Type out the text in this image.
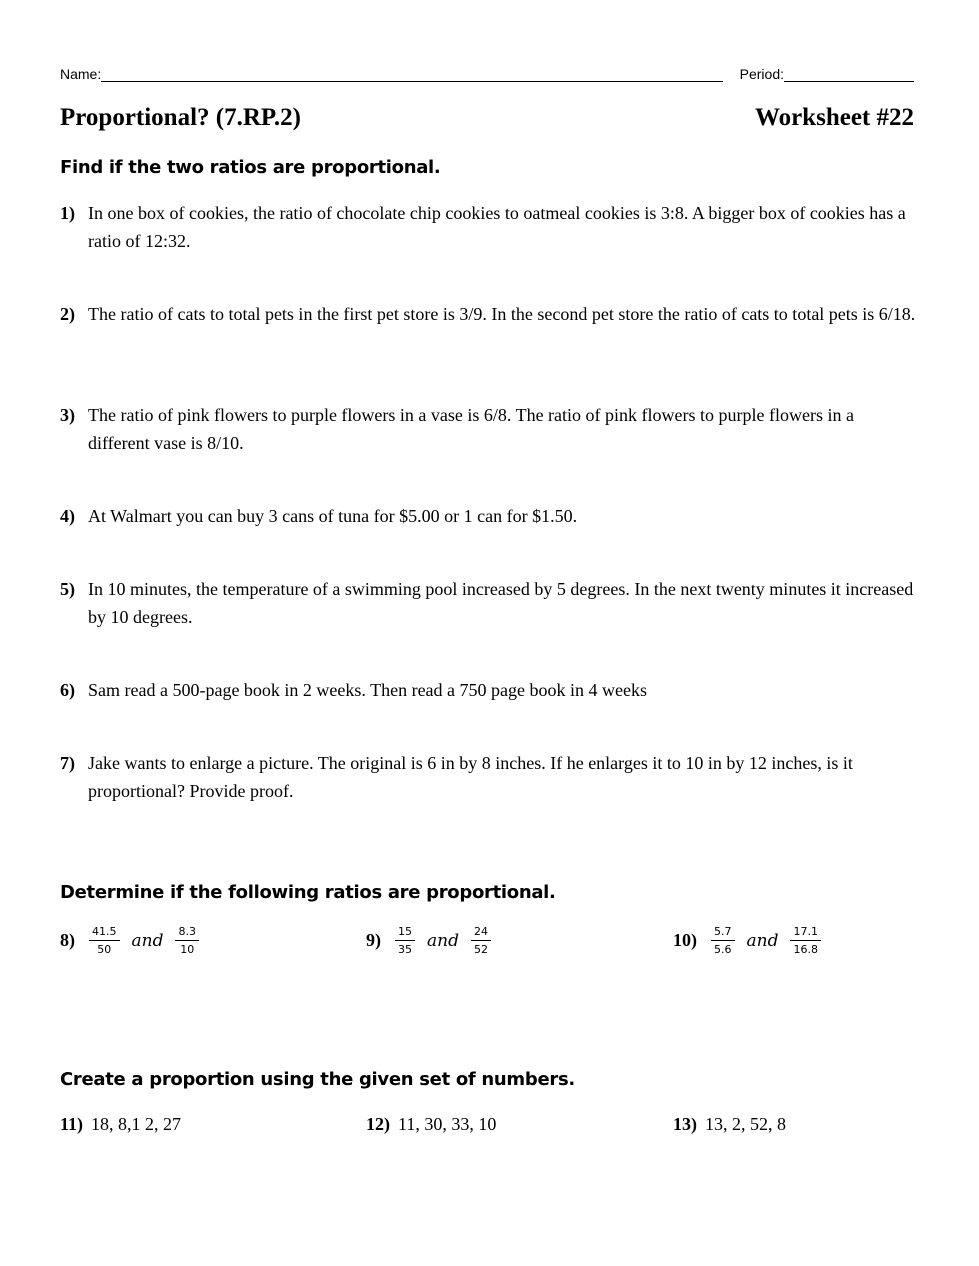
Name:	Period:
Proportional? (7.RP.2)	Worksheet #22
Find if the two ratios are proportional.
1) In one box of cookies, the ratio of chocolate chip cookies to oatmeal cookies is 3:8. A bigger box of cookies has a ratio of 12:32.
2) The ratio of cats to total pets in the first pet store is 3/9. In the second pet store the ratio of cats to total pets is 6/18.
3) The ratio of pink flowers to purple flowers in a vase is 6/8. The ratio of pink flowers to purple flowers in a different vase is 8/10.
4) At Walmart you can buy 3 cans of tuna for $5.00 or 1 can for $1.50.
5) In 10 minutes, the temperature of a swimming pool increased by 5 degrees. In the next twenty minutes it increased by 10 degrees.
6) Sam read a 500-page book in 2 weeks. Then read a 750 page book in 4 weeks
7) Jake wants to enlarge a picture. The original is 6 in by 8 inches. If he enlarges it to 10 in by 12 inches, is it proportional? Provide proof.
Determine if the following ratios are proportional.
$8) \frac{41.5}{50}$ and $\frac{8.3}{10}$	$9) \frac{15}{35}$ and $\frac{24}{52}$	$10) \frac{5.7}{5.6}$ and $\frac{17.1}{16.8}$
Create a proportion using the given set of numbers.
11) 18, 8,1 2, 27	12) 11, 30, 33, 10	13) 13, 2, 52, 8
